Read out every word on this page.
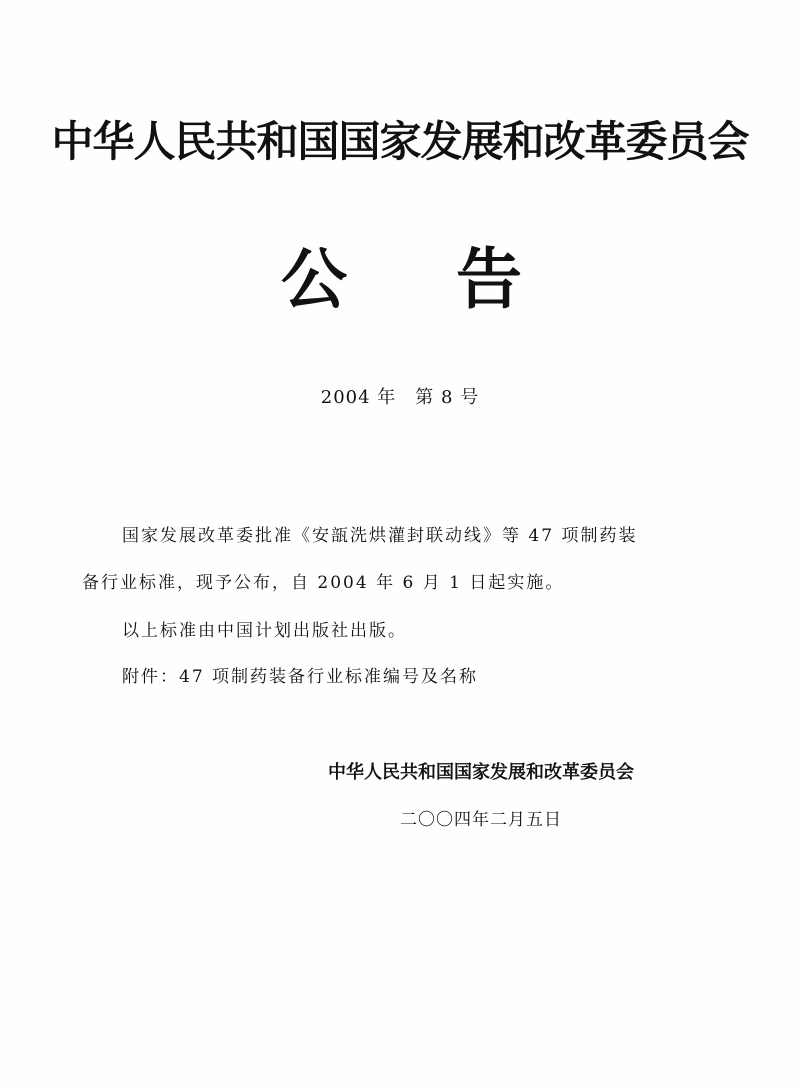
中华人民共和国国家发展和改革委员会
公 告
2004 年　第 8 号
国家发展改革委批准《安瓿洗烘灌封联动线》等 47 项制药装
备行业标准，现予公布，自 2004 年 6 月 1 日起实施。
以上标准由中国计划出版社出版。
附件：47 项制药装备行业标准编号及名称
中华人民共和国国家发展和改革委员会
二〇〇四年二月五日
